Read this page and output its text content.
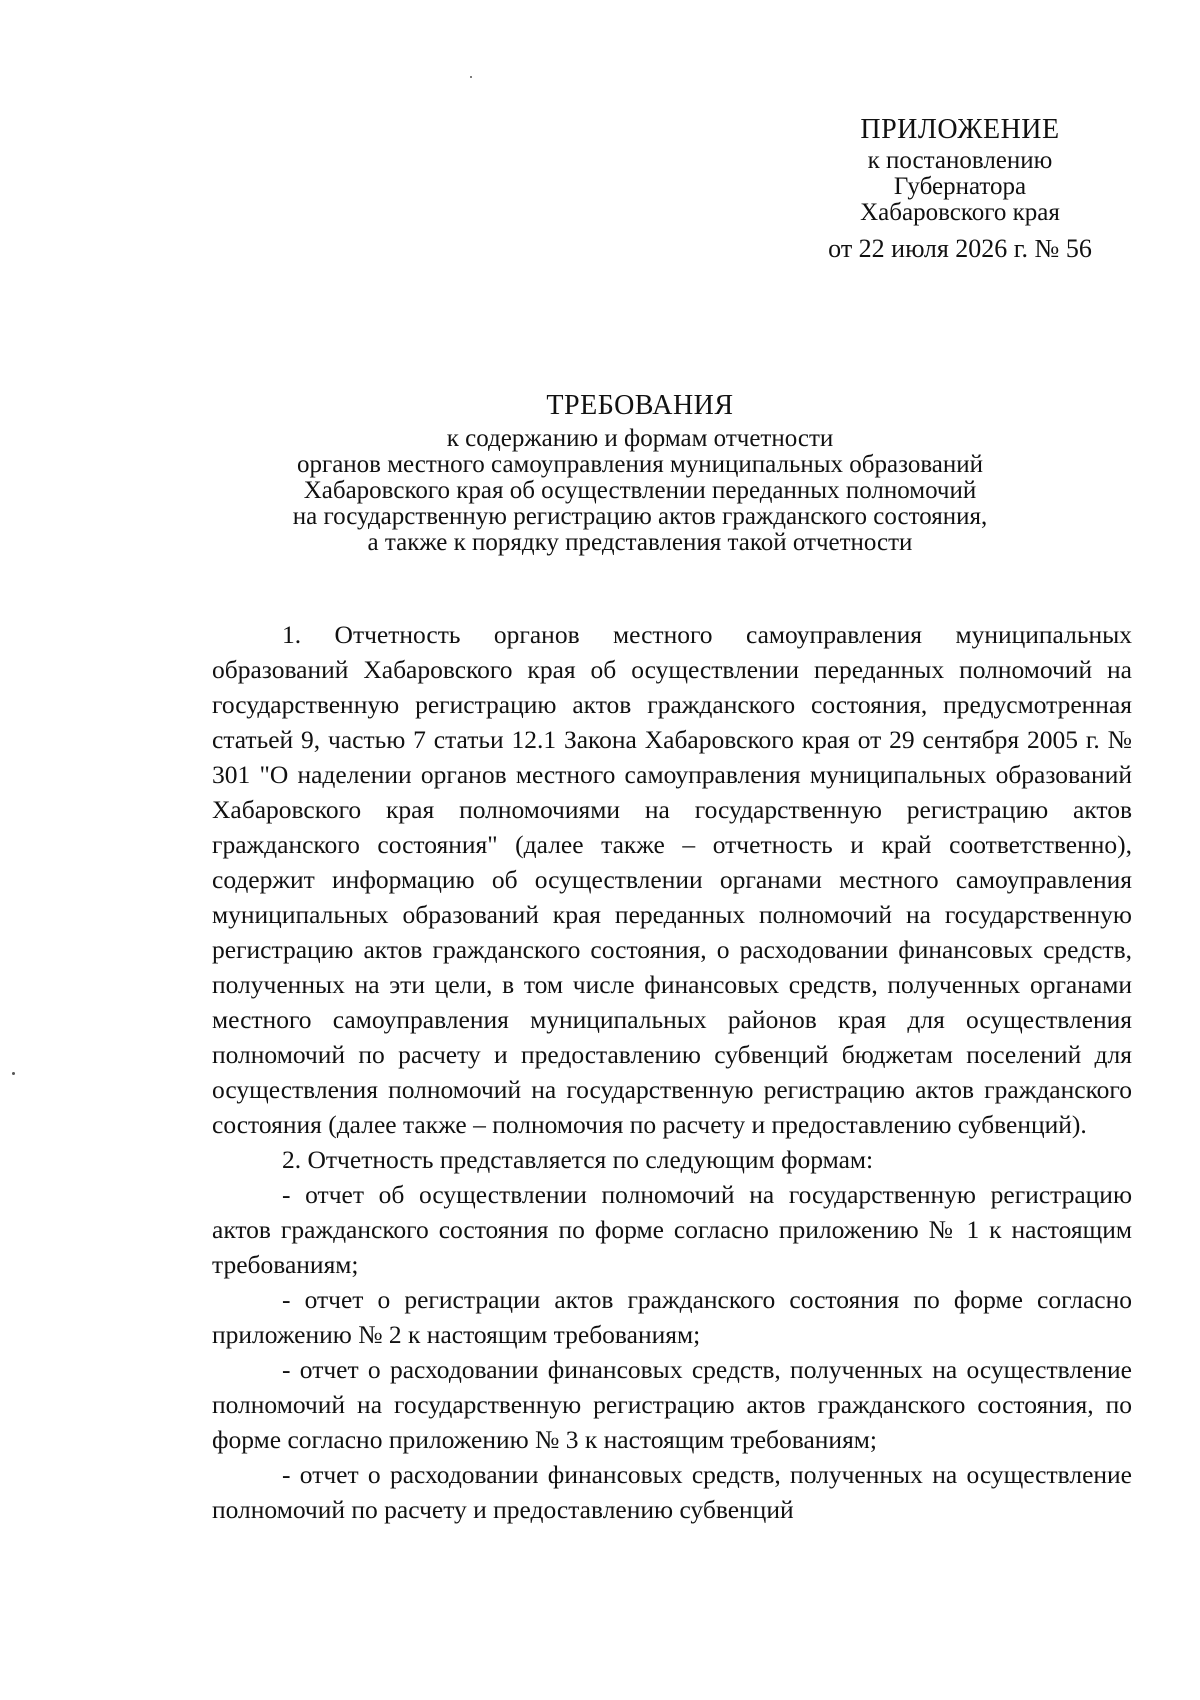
ПРИЛОЖЕНИЕ
к постановлению
Губернатора
Хабаровского края
от 22 июля 2026 г. № 56
ТРЕБОВАНИЯ
к содержанию и формам отчетности
органов местного самоуправления муниципальных образований
Хабаровского края об осуществлении переданных полномочий
на государственную регистрацию актов гражданского состояния,
а также к порядку представления такой отчетности

1. Отчетность органов местного самоуправления муниципальных образований Хабаровского края об осуществлении переданных полномочий на государственную регистрацию актов гражданского состояния, предусмотренная статьей 9, частью 7 статьи 12.1 Закона Хабаровского края от 29 сентября 2005 г. № 301 "О наделении органов местного самоуправления муниципальных образований Хабаровского края полномочиями на государственную регистрацию актов гражданского состояния" (далее также – отчетность и край соответственно), содержит информацию об осуществлении органами местного самоуправления муниципальных образований края переданных полномочий на государственную регистрацию актов гражданского состояния, о расходовании финансовых средств, полученных на эти цели, в том числе финансовых средств, полученных органами местного самоуправления муниципальных районов края для осуществления полномочий по расчету и предоставлению субвенций бюджетам поселений для осуществления полномочий на государственную регистрацию актов гражданского состояния (далее также – полномочия по расчету и предоставлению субвенций).

2. Отчетность представляется по следующим формам:

- отчет об осуществлении полномочий на государственную регистрацию актов гражданского состояния по форме согласно приложению № 1 к настоящим требованиям;

- отчет о регистрации актов гражданского состояния по форме согласно приложению № 2 к настоящим требованиям;

- отчет о расходовании финансовых средств, полученных на осуществление полномочий на государственную регистрацию актов гражданского состояния, по форме согласно приложению № 3 к настоящим требованиям;

- отчет о расходовании финансовых средств, полученных на осуществление полномочий по расчету и предоставлению субвенций
